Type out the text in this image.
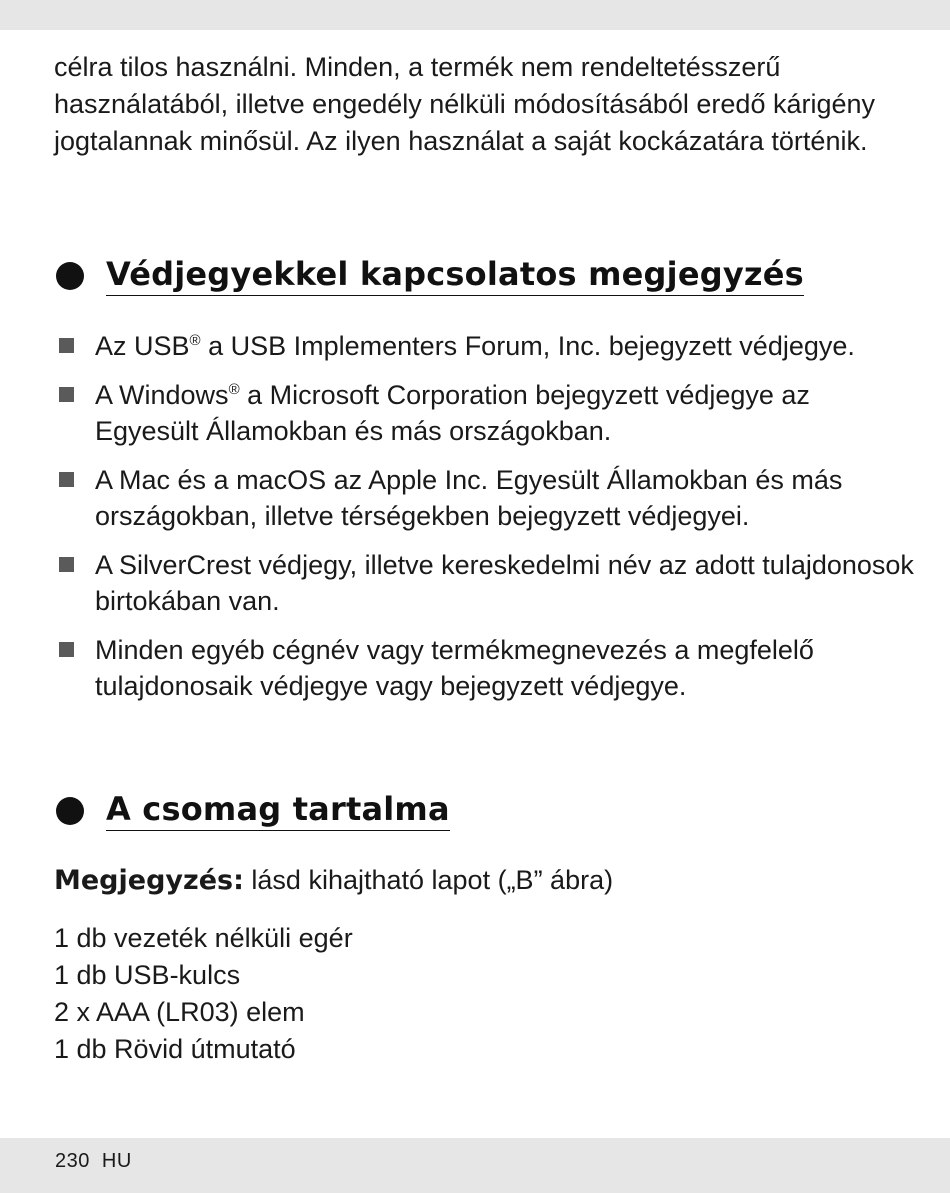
célra tilos használni. Minden, a termék nem rendeltetésszerű használatából, illetve engedély nélküli módosításából eredő kárigény jogtalannak minősül. Az ilyen használat a saját kockázatára történik.

Védjegyekkel kapcsolatos megjegyzés
Az USB® a USB Implementers Forum, Inc. bejegyzett védjegye.
A Windows® a Microsoft Corporation bejegyzett védjegye az Egyesült Államokban és más országokban.
A Mac és a macOS az Apple Inc. Egyesült Államokban és más országokban, illetve térségekben bejegyzett védjegyei.
A SilverCrest védjegy, illetve kereskedelmi név az adott tulajdonosok birtokában van.
Minden egyéb cégnév vagy termékmegnevezés a megfelelő tulajdonosaik védjegye vagy bejegyzett védjegye.
A csomag tartalma

Megjegyzés: lásd kihajtható lapot („B” ábra)

1 db vezeték nélküli egér
1 db USB-kulcs
2 x AAA (LR03) elem
1 db Rövid útmutató
230 HU
